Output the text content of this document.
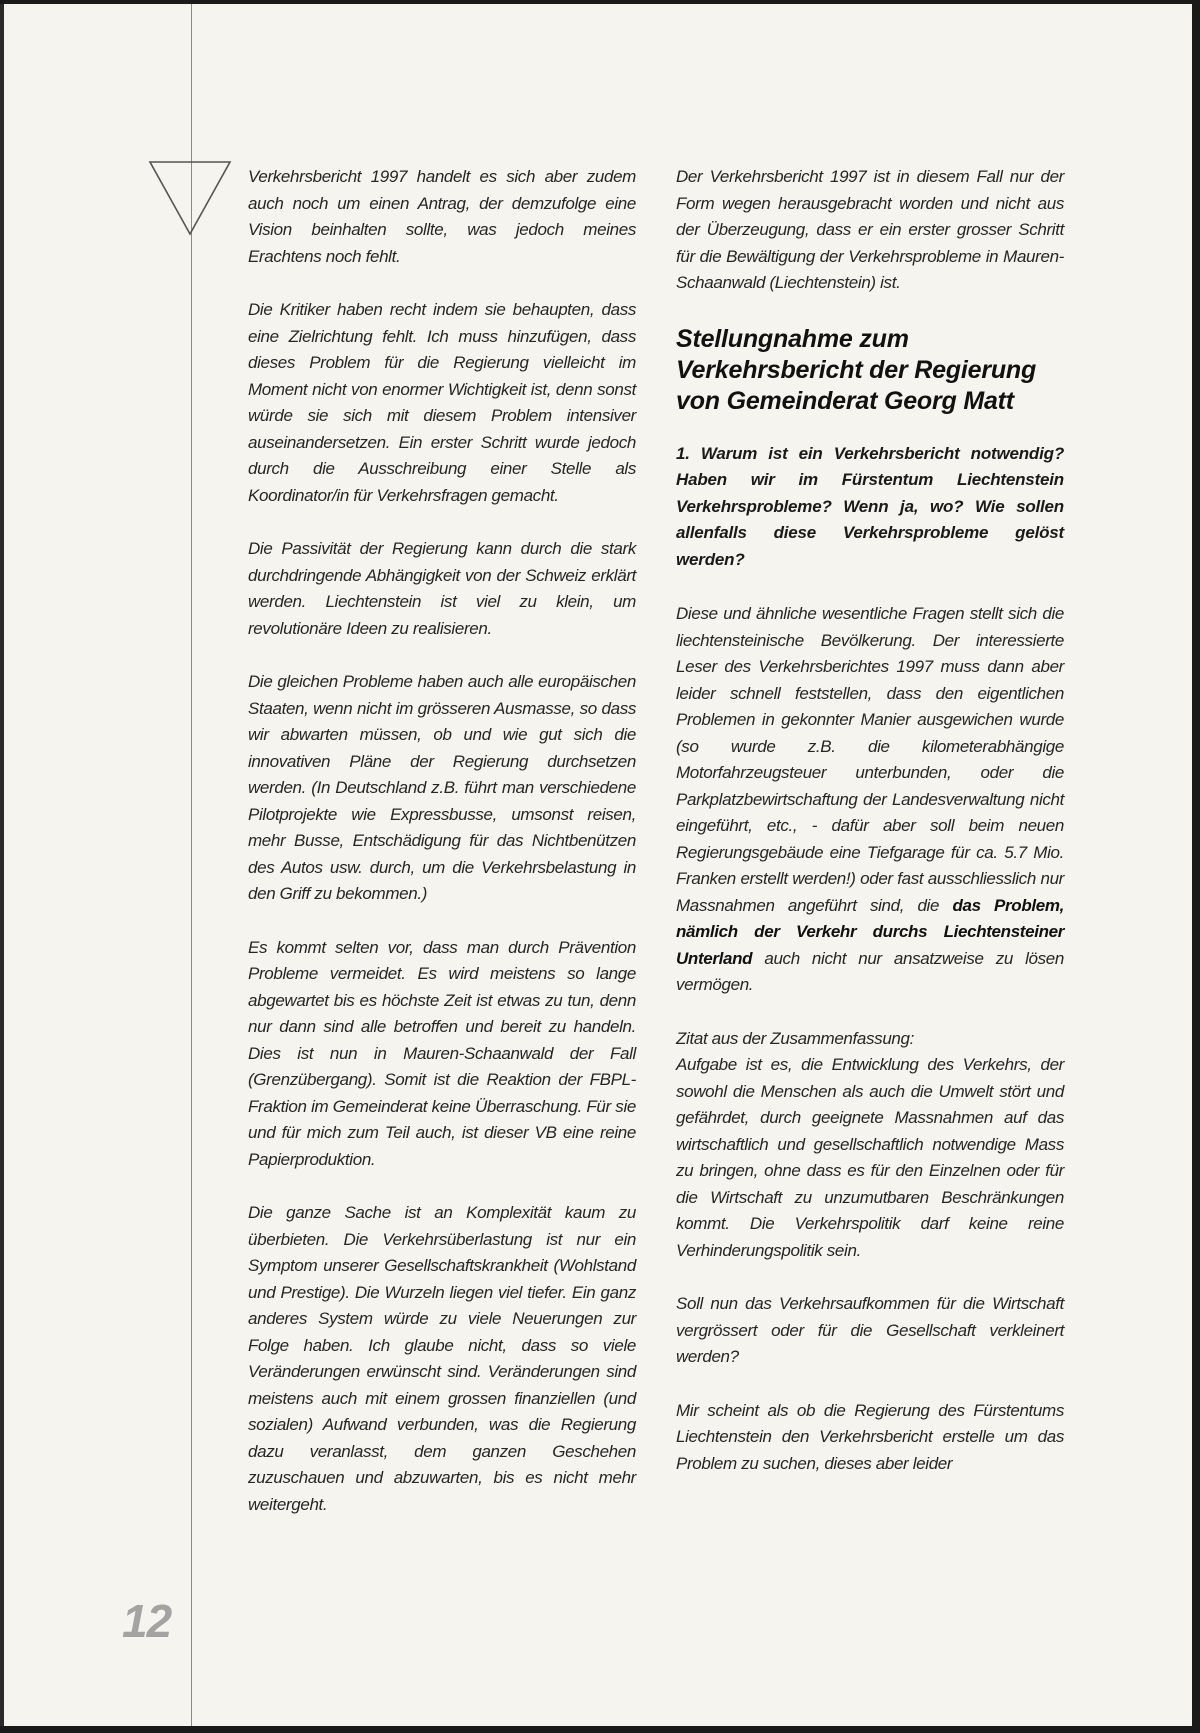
12

Verkehrsbericht 1997 handelt es sich aber zudem auch noch um einen Antrag, der demzufolge eine Vision beinhalten sollte, was jedoch meines Erachtens noch fehlt.

Die Kritiker haben recht indem sie behaupten, dass eine Zielrichtung fehlt. Ich muss hinzufügen, dass dieses Problem für die Regierung vielleicht im Moment nicht von enormer Wichtigkeit ist, denn sonst würde sie sich mit diesem Problem intensiver auseinandersetzen. Ein erster Schritt wurde jedoch durch die Ausschreibung einer Stelle als Koordinator/in für Verkehrsfragen gemacht.

Die Passivität der Regierung kann durch die stark durchdringende Abhängigkeit von der Schweiz erklärt werden. Liechtenstein ist viel zu klein, um revolutionäre Ideen zu realisieren.

Die gleichen Probleme haben auch alle europäischen Staaten, wenn nicht im grösseren Ausmasse, so dass wir abwarten müssen, ob und wie gut sich die innovativen Pläne der Regierung durchsetzen werden. (In Deutschland z.B. führt man verschiedene Pilotprojekte wie Expressbusse, umsonst reisen, mehr Busse, Entschädigung für das Nichtbenützen des Autos usw. durch, um die Verkehrsbelastung in den Griff zu bekommen.)

Es kommt selten vor, dass man durch Prävention Probleme vermeidet. Es wird meistens so lange abgewartet bis es höchste Zeit ist etwas zu tun, denn nur dann sind alle betroffen und bereit zu handeln. Dies ist nun in Mauren-Schaanwald der Fall (Grenzübergang). Somit ist die Reaktion der FBPL-Fraktion im Gemeinderat keine Überraschung. Für sie und für mich zum Teil auch, ist dieser VB eine reine Papierproduktion.

Die ganze Sache ist an Komplexität kaum zu überbieten. Die Verkehrsüberlastung ist nur ein Symptom unserer Gesellschaftskrankheit (Wohlstand und Prestige). Die Wurzeln liegen viel tiefer. Ein ganz anderes System würde zu viele Neuerungen zur Folge haben. Ich glaube nicht, dass so viele Veränderungen erwünscht sind. Veränderungen sind meistens auch mit einem grossen finanziellen (und sozialen) Aufwand verbunden, was die Regierung dazu veranlasst, dem ganzen Geschehen zuzuschauen und abzuwarten, bis es nicht mehr weitergeht.

Der Verkehrsbericht 1997 ist in diesem Fall nur der Form wegen herausgebracht worden und nicht aus der Überzeugung, dass er ein erster grosser Schritt für die Bewältigung der Verkehrsprobleme in Mauren-Schaanwald (Liechtenstein) ist.

Stellungnahme zum Verkehrsbericht der Regierung von Gemeinderat Georg Matt

1. Warum ist ein Verkehrsbericht notwendig? Haben wir im Fürstentum Liechtenstein Verkehrsprobleme? Wenn ja, wo? Wie sollen allenfalls diese Verkehrsprobleme gelöst werden?

Diese und ähnliche wesentliche Fragen stellt sich die liechtensteinische Bevölkerung. Der interessierte Leser des Verkehrsberichtes 1997 muss dann aber leider schnell feststellen, dass den eigentlichen Problemen in gekonnter Manier ausgewichen wurde (so wurde z.B. die kilometerabhängige Motorfahrzeugsteuer unterbunden, oder die Parkplatzbewirtschaftung der Landesverwaltung nicht eingeführt, etc., - dafür aber soll beim neuen Regierungsgebäude eine Tiefgarage für ca. 5.7 Mio. Franken erstellt werden!) oder fast ausschliesslich nur Massnahmen angeführt sind, die das Problem, nämlich der Verkehr durchs Liechtensteiner Unterland auch nicht nur ansatzweise zu lösen vermögen.

Zitat aus der Zusammenfassung:

Aufgabe ist es, die Entwicklung des Verkehrs, der sowohl die Menschen als auch die Umwelt stört und gefährdet, durch geeignete Massnahmen auf das wirtschaftlich und gesellschaftlich notwendige Mass zu bringen, ohne dass es für den Einzelnen oder für die Wirtschaft zu unzumutbaren Beschränkungen kommt. Die Verkehrspolitik darf keine reine Verhinderungspolitik sein.

Soll nun das Verkehrsaufkommen für die Wirtschaft vergrössert oder für die Gesellschaft verkleinert werden?

Mir scheint als ob die Regierung des Fürstentums Liechtenstein den Verkehrsbericht erstelle um das Problem zu suchen, dieses aber leider
